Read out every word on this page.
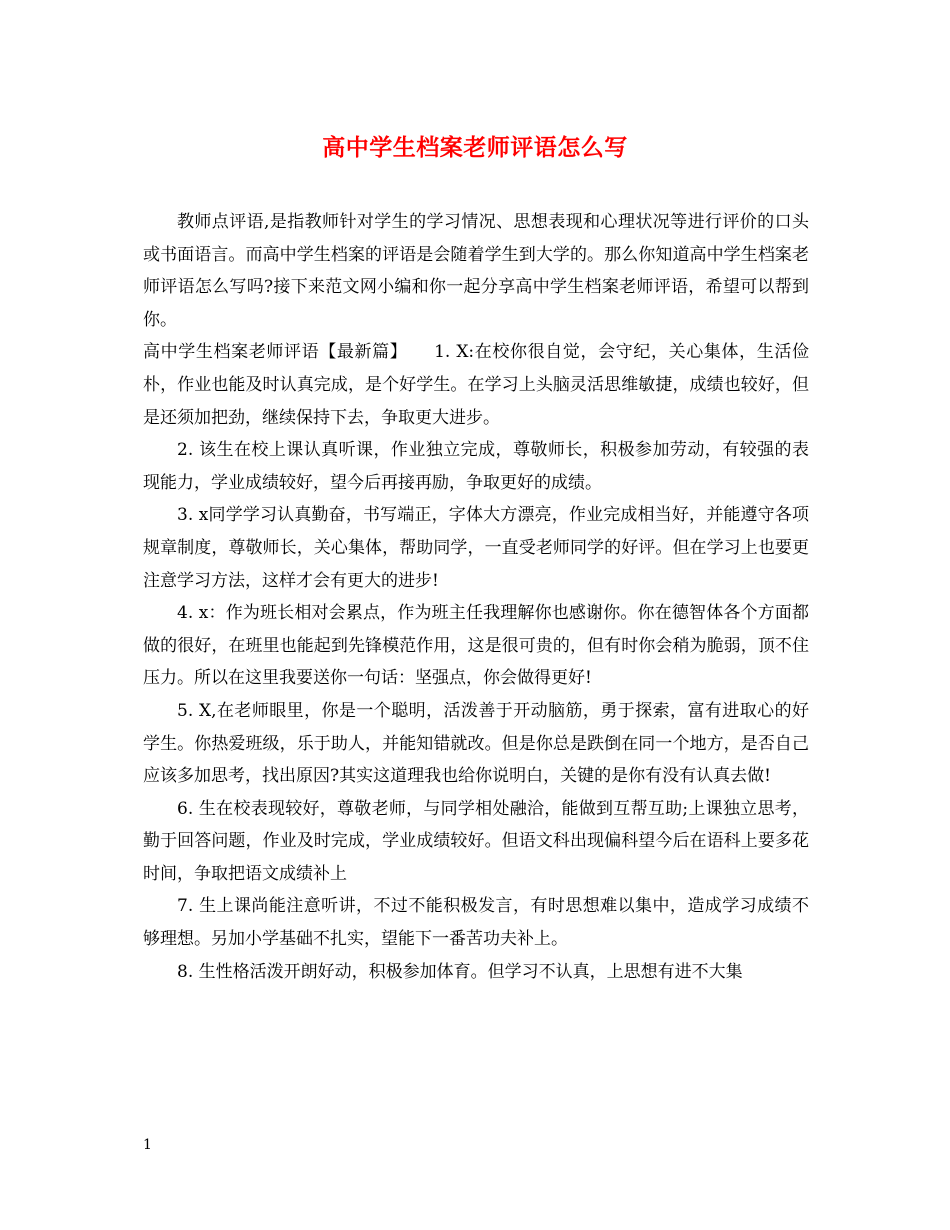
高中学生档案老师评语怎么写

教师点评语,是指教师针对学生的学习情况、思想表现和心理状况等进行评价的口头或书面语言。而高中学生档案的评语是会随着学生到大学的。那么你知道高中学生档案老师评语怎么写吗?接下来范文网小编和你一起分享高中学生档案老师评语，希望可以帮到你。

高中学生档案老师评语【最新篇】　　1. X:在校你很自觉，会守纪，关心集体，生活俭朴，作业也能及时认真完成，是个好学生。在学习上头脑灵活思维敏捷，成绩也较好，但是还须加把劲，继续保持下去，争取更大进步。

2. 该生在校上课认真听课，作业独立完成，尊敬师长，积极参加劳动，有较强的表现能力，学业成绩较好，望今后再接再励，争取更好的成绩。

3. x同学学习认真勤奋，书写端正，字体大方漂亮，作业完成相当好，并能遵守各项规章制度，尊敬师长，关心集体，帮助同学，一直受老师同学的好评。但在学习上也要更注意学习方法，这样才会有更大的进步!

4. x：作为班长相对会累点，作为班主任我理解你也感谢你。你在德智体各个方面都做的很好，在班里也能起到先锋模范作用，这是很可贵的，但有时你会稍为脆弱，顶不住压力。所以在这里我要送你一句话：坚强点，你会做得更好!

5. X,在老师眼里，你是一个聪明，活泼善于开动脑筋，勇于探索，富有进取心的好学生。你热爱班级，乐于助人，并能知错就改。但是你总是跌倒在同一个地方，是否自己应该多加思考，找出原因?其实这道理我也给你说明白，关键的是你有没有认真去做!

6. 生在校表现较好，尊敬老师，与同学相处融洽，能做到互帮互助;上课独立思考，勤于回答问题，作业及时完成，学业成绩较好。但语文科出现偏科望今后在语科上要多花时间，争取把语文成绩补上

7. 生上课尚能注意听讲，不过不能积极发言，有时思想难以集中，造成学习成绩不够理想。另加小学基础不扎实，望能下一番苦功夫补上。

8. 生性格活泼开朗好动，积极参加体育。但学习不认真，上思想有进不大集

1
